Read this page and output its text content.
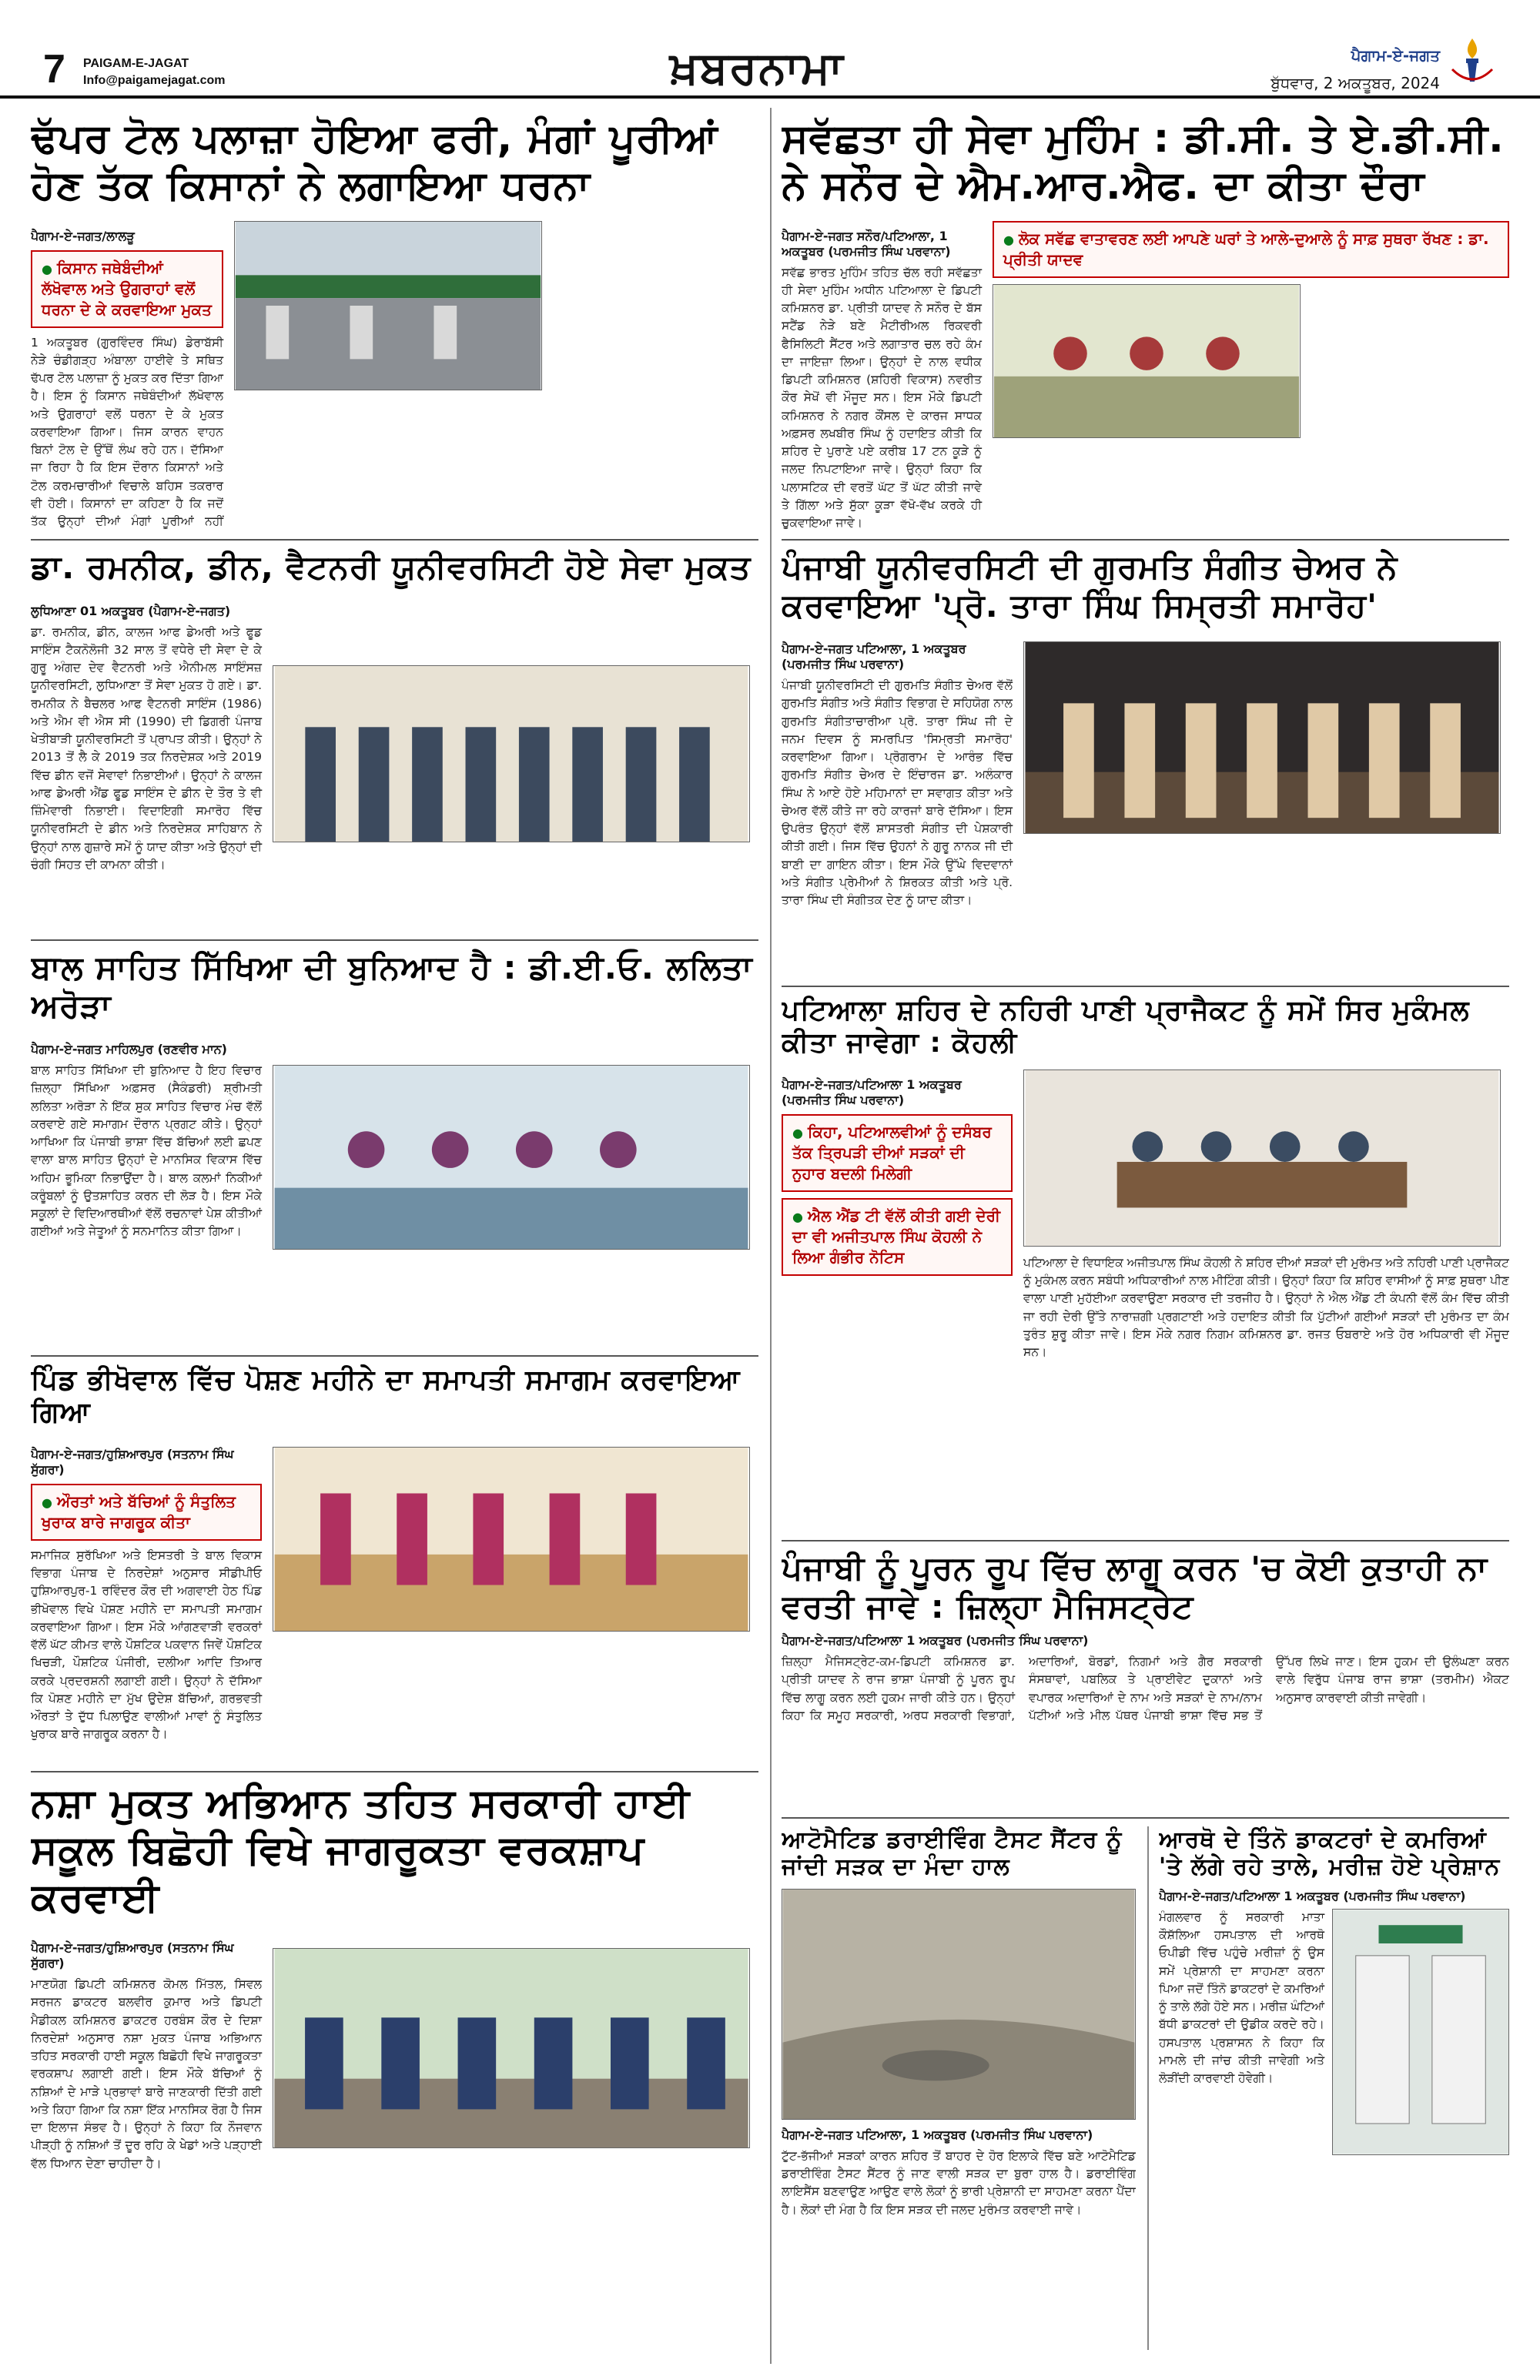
7 PAIGAM-E-JAGAT
Info@paigamejagat.com	ਖ਼ਬਰਨਾਮਾ	ਪੈਗਾਮ-ਏ-ਜਗਤ
ਬੁੱਧਵਾਰ, 2 ਅਕਤੂਬਰ, 2024
ਢੱਪਰ ਟੋਲ ਪਲਾਜ਼ਾ ਹੋਇਆ ਫਰੀ, ਮੰਗਾਂ ਪੂਰੀਆਂ ਹੋਣ ਤੱਕ ਕਿਸਾਨਾਂ ਨੇ ਲਗਾਇਆ ਧਰਨਾ
ਪੈਗਾਮ-ਏ-ਜਗਤ/ਲਾਲੜੂ
● ਕਿਸਾਨ ਜਥੇਬੰਦੀਆਂ ਲੱਖੋਵਾਲ ਅਤੇ ਉਗਰਾਹਾਂ ਵਲੋਂ ਧਰਨਾ ਦੇ ਕੇ ਕਰਵਾਇਆ ਮੁਕਤ
1 ਅਕਤੂਬਰ (ਗੁਰਵਿੰਦਰ ਸਿੰਘ) ਡੇਰਾਬੱਸੀ ਨੇੜੇ ਚੰਡੀਗੜ੍ਹ ਅੰਬਾਲਾ ਹਾਈਵੇ ਤੇ ਸਥਿਤ ਢੱਪਰ ਟੋਲ ਪਲਾਜ਼ਾ ਨੂੰ ਮੁਕਤ ਕਰ ਦਿੱਤਾ ਗਿਆ ਹੈ। ਇਸ ਨੂੰ ਕਿਸਾਨ ਜਥੇਬੰਦੀਆਂ ਲੱਖੋਵਾਲ ਅਤੇ ਉਗਰਾਹਾਂ ਵਲੋਂ ਧਰਨਾ ਦੇ ਕੇ ਮੁਕਤ ਕਰਵਾਇਆ ਗਿਆ। ਜਿਸ ਕਾਰਨ ਵਾਹਨ ਬਿਨਾਂ ਟੋਲ ਦੇ ਉੱਥੋਂ ਲੰਘ ਰਹੇ ਹਨ। ਦੱਸਿਆ ਜਾ ਰਿਹਾ ਹੈ ਕਿ ਇਸ ਦੌਰਾਨ ਕਿਸਾਨਾਂ ਅਤੇ ਟੋਲ ਕਰਮਚਾਰੀਆਂ ਵਿਚਾਲੇ ਬਹਿਸ ਤਕਰਾਰ ਵੀ ਹੋਈ। ਕਿਸਾਨਾਂ ਦਾ ਕਹਿਣਾ ਹੈ ਕਿ ਜਦੋਂ ਤੱਕ ਉਨ੍ਹਾਂ ਦੀਆਂ ਮੰਗਾਂ ਪੂਰੀਆਂ ਨਹੀਂ
ਡਾ. ਰਮਨੀਕ, ਡੀਨ, ਵੈਟਨਰੀ ਯੂਨੀਵਰਸਿਟੀ ਹੋਏ ਸੇਵਾ ਮੁਕਤ
ਲੁਧਿਆਣਾ 01 ਅਕਤੂਬਰ (ਪੈਗਾਮ-ਏ-ਜਗਤ)
ਡਾ. ਰਮਨੀਕ, ਡੀਨ, ਕਾਲਜ ਆਫ ਡੇਅਰੀ ਅਤੇ ਫੂਡ ਸਾਇੰਸ ਟੈਕਨੋਲੋਜੀ 32 ਸਾਲ ਤੋਂ ਵਧੇਰੇ ਦੀ ਸੇਵਾ ਦੇ ਕੇ ਗੁਰੂ ਅੰਗਦ ਦੇਵ ਵੈਟਨਰੀ ਅਤੇ ਐਨੀਮਲ ਸਾਇੰਸਜ਼ ਯੂਨੀਵਰਸਿਟੀ, ਲੁਧਿਆਣਾ ਤੋਂ ਸੇਵਾ ਮੁਕਤ ਹੋ ਗਏ। ਡਾ. ਰਮਨੀਕ ਨੇ ਬੈਚਲਰ ਆਫ ਵੈਟਨਰੀ ਸਾਇੰਸ (1986) ਅਤੇ ਐਮ ਵੀ ਐਸ ਸੀ (1990) ਦੀ ਡਿਗਰੀ ਪੰਜਾਬ ਖੇਤੀਬਾੜੀ ਯੂਨੀਵਰਸਿਟੀ ਤੋਂ ਪ੍ਰਾਪਤ ਕੀਤੀ। ਉਨ੍ਹਾਂ ਨੇ 2013 ਤੋਂ ਲੈ ਕੇ 2019 ਤਕ ਨਿਰਦੇਸ਼ਕ ਅਤੇ 2019 ਵਿੱਚ ਡੀਨ ਵਜੋਂ ਸੇਵਾਵਾਂ ਨਿਭਾਈਆਂ। ਉਨ੍ਹਾਂ ਨੇ ਕਾਲਜ ਆਫ ਡੇਅਰੀ ਐਂਡ ਫੂਡ ਸਾਇੰਸ ਦੇ ਡੀਨ ਦੇ ਤੌਰ ਤੇ ਵੀ ਜ਼ਿੰਮੇਵਾਰੀ ਨਿਭਾਈ। ਵਿਦਾਇਗੀ ਸਮਾਰੋਹ ਵਿੱਚ ਯੂਨੀਵਰਸਿਟੀ ਦੇ ਡੀਨ ਅਤੇ ਨਿਰਦੇਸ਼ਕ ਸਾਹਿਬਾਨ ਨੇ ਉਨ੍ਹਾਂ ਨਾਲ ਗੁਜ਼ਾਰੇ ਸਮੇਂ ਨੂੰ ਯਾਦ ਕੀਤਾ ਅਤੇ ਉਨ੍ਹਾਂ ਦੀ ਚੰਗੀ ਸਿਹਤ ਦੀ ਕਾਮਨਾ ਕੀਤੀ।
ਬਾਲ ਸਾਹਿਤ ਸਿੱਖਿਆ ਦੀ ਬੁਨਿਆਦ ਹੈ : ਡੀ.ਈ.ਓ. ਲਲਿਤਾ ਅਰੋੜਾ
ਪੈਗਾਮ-ਏ-ਜਗਤ ਮਾਹਿਲਪੁਰ (ਰਣਵੀਰ ਮਾਨ)
ਬਾਲ ਸਾਹਿਤ ਸਿੱਖਿਆ ਦੀ ਬੁਨਿਆਦ ਹੈ ਇਹ ਵਿਚਾਰ ਜ਼ਿਲ੍ਹਾ ਸਿੱਖਿਆ ਅਫ਼ਸਰ (ਸੈਕੰਡਰੀ) ਸ਼੍ਰੀਮਤੀ ਲਲਿਤਾ ਅਰੋੜਾ ਨੇ ਇੱਕ ਸੁਕ ਸਾਹਿਤ ਵਿਚਾਰ ਮੰਚ ਵੱਲੋਂ ਕਰਵਾਏ ਗਏ ਸਮਾਗਮ ਦੌਰਾਨ ਪ੍ਰਗਟ ਕੀਤੇ। ਉਨ੍ਹਾਂ ਆਖਿਆ ਕਿ ਪੰਜਾਬੀ ਭਾਸ਼ਾ ਵਿੱਚ ਬੱਚਿਆਂ ਲਈ ਛਪਣ ਵਾਲਾ ਬਾਲ ਸਾਹਿਤ ਉਨ੍ਹਾਂ ਦੇ ਮਾਨਸਿਕ ਵਿਕਾਸ ਵਿੱਚ ਅਹਿਮ ਭੂਮਿਕਾ ਨਿਭਾਉਂਦਾ ਹੈ। ਬਾਲ ਕਲਮਾਂ ਨਿਕੀਆਂ ਕਰੂੰਬਲਾਂ ਨੂੰ ਉਤਸ਼ਾਹਿਤ ਕਰਨ ਦੀ ਲੋੜ ਹੈ। ਇਸ ਮੌਕੇ ਸਕੂਲਾਂ ਦੇ ਵਿਦਿਆਰਥੀਆਂ ਵੱਲੋਂ ਰਚਨਾਵਾਂ ਪੇਸ਼ ਕੀਤੀਆਂ ਗਈਆਂ ਅਤੇ ਜੇਤੂਆਂ ਨੂੰ ਸਨਮਾਨਿਤ ਕੀਤਾ ਗਿਆ।
ਪਿੰਡ ਭੀਖੋਵਾਲ ਵਿੱਚ ਪੋਸ਼ਣ ਮਹੀਨੇ ਦਾ ਸਮਾਪਤੀ ਸਮਾਗਮ ਕਰਵਾਇਆ ਗਿਆ
ਪੈਗਾਮ-ਏ-ਜਗਤ/ਹੁਸ਼ਿਆਰਪੁਰ (ਸਤਨਾਮ ਸਿੰਘ ਸੁੱਗਰਾ)
● ਔਰਤਾਂ ਅਤੇ ਬੱਚਿਆਂ ਨੂੰ ਸੰਤੁਲਿਤ ਖੁਰਾਕ ਬਾਰੇ ਜਾਗਰੂਕ ਕੀਤਾ
ਸਮਾਜਿਕ ਸੁਰੱਖਿਆ ਅਤੇ ਇਸਤਰੀ ਤੇ ਬਾਲ ਵਿਕਾਸ ਵਿਭਾਗ ਪੰਜਾਬ ਦੇ ਨਿਰਦੇਸ਼ਾਂ ਅਨੁਸਾਰ ਸੀਡੀਪੀਓ ਹੁਸ਼ਿਆਰਪੁਰ-1 ਰਵਿੰਦਰ ਕੌਰ ਦੀ ਅਗਵਾਈ ਹੇਠ ਪਿੰਡ ਭੀਖੋਵਾਲ ਵਿਖੇ ਪੋਸ਼ਣ ਮਹੀਨੇ ਦਾ ਸਮਾਪਤੀ ਸਮਾਗਮ ਕਰਵਾਇਆ ਗਿਆ। ਇਸ ਮੌਕੇ ਆਂਗਣਵਾੜੀ ਵਰਕਰਾਂ ਵੱਲੋਂ ਘੱਟ ਕੀਮਤ ਵਾਲੇ ਪੌਸ਼ਟਿਕ ਪਕਵਾਨ ਜਿਵੇਂ ਪੌਸ਼ਟਿਕ ਖਿਚੜੀ, ਪੌਸ਼ਟਿਕ ਪੰਜੀਰੀ, ਦਲੀਆ ਆਦਿ ਤਿਆਰ ਕਰਕੇ ਪ੍ਰਦਰਸ਼ਨੀ ਲਗਾਈ ਗਈ। ਉਨ੍ਹਾਂ ਨੇ ਦੱਸਿਆ ਕਿ ਪੋਸ਼ਣ ਮਹੀਨੇ ਦਾ ਮੁੱਖ ਉਦੇਸ਼ ਬੱਚਿਆਂ, ਗਰਭਵਤੀ ਔਰਤਾਂ ਤੇ ਦੁੱਧ ਪਿਲਾਉਣ ਵਾਲੀਆਂ ਮਾਵਾਂ ਨੂੰ ਸੰਤੁਲਿਤ ਖੁਰਾਕ ਬਾਰੇ ਜਾਗਰੂਕ ਕਰਨਾ ਹੈ।
ਨਸ਼ਾ ਮੁਕਤ ਅਭਿਆਨ ਤਹਿਤ ਸਰਕਾਰੀ ਹਾਈ ਸਕੂਲ ਬਿਛੋਹੀ ਵਿਖੇ ਜਾਗਰੂਕਤਾ ਵਰਕਸ਼ਾਪ ਕਰਵਾਈ
ਪੈਗਾਮ-ਏ-ਜਗਤ/ਹੁਸ਼ਿਆਰਪੁਰ (ਸਤਨਾਮ ਸਿੰਘ ਸੁੱਗਰਾ)
ਮਾਣਯੋਗ ਡਿਪਟੀ ਕਮਿਸ਼ਨਰ ਕੋਮਲ ਮਿੱਤਲ, ਸਿਵਲ ਸਰਜਨ ਡਾਕਟਰ ਬਲਵੀਰ ਕੁਮਾਰ ਅਤੇ ਡਿਪਟੀ ਮੈਡੀਕਲ ਕਮਿਸ਼ਨਰ ਡਾਕਟਰ ਹਰਬੰਸ ਕੌਰ ਦੇ ਦਿਸ਼ਾ ਨਿਰਦੇਸ਼ਾਂ ਅਨੁਸਾਰ ਨਸ਼ਾ ਮੁਕਤ ਪੰਜਾਬ ਅਭਿਆਨ ਤਹਿਤ ਸਰਕਾਰੀ ਹਾਈ ਸਕੂਲ ਬਿਛੋਹੀ ਵਿਖੇ ਜਾਗਰੂਕਤਾ ਵਰਕਸ਼ਾਪ ਲਗਾਈ ਗਈ। ਇਸ ਮੌਕੇ ਬੱਚਿਆਂ ਨੂੰ ਨਸ਼ਿਆਂ ਦੇ ਮਾੜੇ ਪ੍ਰਭਾਵਾਂ ਬਾਰੇ ਜਾਣਕਾਰੀ ਦਿੱਤੀ ਗਈ ਅਤੇ ਕਿਹਾ ਗਿਆ ਕਿ ਨਸ਼ਾ ਇੱਕ ਮਾਨਸਿਕ ਰੋਗ ਹੈ ਜਿਸ ਦਾ ਇਲਾਜ ਸੰਭਵ ਹੈ। ਉਨ੍ਹਾਂ ਨੇ ਕਿਹਾ ਕਿ ਨੌਜਵਾਨ ਪੀੜ੍ਹੀ ਨੂੰ ਨਸ਼ਿਆਂ ਤੋਂ ਦੂਰ ਰਹਿ ਕੇ ਖੇਡਾਂ ਅਤੇ ਪੜ੍ਹਾਈ ਵੱਲ ਧਿਆਨ ਦੇਣਾ ਚਾਹੀਦਾ ਹੈ।
ਸਵੱਛਤਾ ਹੀ ਸੇਵਾ ਮੁਹਿੰਮ : ਡੀ.ਸੀ. ਤੇ ਏ.ਡੀ.ਸੀ. ਨੇ ਸਨੌਰ ਦੇ ਐਮ.ਆਰ.ਐਫ. ਦਾ ਕੀਤਾ ਦੌਰਾ
ਪੈਗਾਮ-ਏ-ਜਗਤ ਸਨੌਰ/ਪਟਿਆਲਾ, 1 ਅਕਤੂਬਰ (ਪਰਮਜੀਤ ਸਿੰਘ ਪਰਵਾਨਾ)
ਸਵੱਛ ਭਾਰਤ ਮੁਹਿੰਮ ਤਹਿਤ ਚੱਲ ਰਹੀ ਸਵੱਛਤਾ ਹੀ ਸੇਵਾ ਮੁਹਿੰਮ ਅਧੀਨ ਪਟਿਆਲਾ ਦੇ ਡਿਪਟੀ ਕਮਿਸ਼ਨਰ ਡਾ. ਪ੍ਰੀਤੀ ਯਾਦਵ ਨੇ ਸਨੌਰ ਦੇ ਬੱਸ ਸਟੈਂਡ ਨੇੜੇ ਬਣੇ ਮੈਟੀਰੀਅਲ ਰਿਕਵਰੀ ਫੈਸਿਲਿਟੀ ਸੈਂਟਰ ਅਤੇ ਲਗਾਤਾਰ ਚਲ ਰਹੇ ਕੰਮ ਦਾ ਜਾਇਜ਼ਾ ਲਿਆ। ਉਨ੍ਹਾਂ ਦੇ ਨਾਲ ਵਧੀਕ ਡਿਪਟੀ ਕਮਿਸ਼ਨਰ (ਸ਼ਹਿਰੀ ਵਿਕਾਸ) ਨਵਰੀਤ ਕੌਰ ਸੇਖੋਂ ਵੀ ਮੌਜੂਦ ਸਨ। ਇਸ ਮੌਕੇ ਡਿਪਟੀ ਕਮਿਸ਼ਨਰ ਨੇ ਨਗਰ ਕੌਂਸਲ ਦੇ ਕਾਰਜ ਸਾਧਕ ਅਫ਼ਸਰ ਲਖਬੀਰ ਸਿੰਘ ਨੂੰ ਹਦਾਇਤ ਕੀਤੀ ਕਿ ਸ਼ਹਿਰ ਦੇ ਪੁਰਾਣੇ ਪਏ ਕਰੀਬ 17 ਟਨ ਕੂੜੇ ਨੂੰ ਜਲਦ ਨਿਪਟਾਇਆ ਜਾਵੇ। ਉਨ੍ਹਾਂ ਕਿਹਾ ਕਿ ਪਲਾਸਟਿਕ ਦੀ ਵਰਤੋਂ ਘੱਟ ਤੋਂ ਘੱਟ ਕੀਤੀ ਜਾਵੇ ਤੇ ਗਿੱਲਾ ਅਤੇ ਸੁੱਕਾ ਕੂੜਾ ਵੱਖੋ-ਵੱਖ ਕਰਕੇ ਹੀ ਚੁਕਵਾਇਆ ਜਾਵੇ।
● ਲੋਕ ਸਵੱਛ ਵਾਤਾਵਰਣ ਲਈ ਆਪਣੇ ਘਰਾਂ ਤੇ ਆਲੇ-ਦੁਆਲੇ ਨੂੰ ਸਾਫ਼ ਸੁਥਰਾ ਰੱਖਣ : ਡਾ. ਪ੍ਰੀਤੀ ਯਾਦਵ
ਪੰਜਾਬੀ ਯੂਨੀਵਰਸਿਟੀ ਦੀ ਗੁਰਮਤਿ ਸੰਗੀਤ ਚੇਅਰ ਨੇ ਕਰਵਾਇਆ 'ਪ੍ਰੋ. ਤਾਰਾ ਸਿੰਘ ਸਿਮ੍ਰਤੀ ਸਮਾਰੋਹ'
ਪੈਗਾਮ-ਏ-ਜਗਤ ਪਟਿਆਲਾ, 1 ਅਕਤੂਬਰ (ਪਰਮਜੀਤ ਸਿੰਘ ਪਰਵਾਨਾ)
ਪੰਜਾਬੀ ਯੂਨੀਵਰਸਿਟੀ ਦੀ ਗੁਰਮਤਿ ਸੰਗੀਤ ਚੇਅਰ ਵੱਲੋਂ ਗੁਰਮਤਿ ਸੰਗੀਤ ਅਤੇ ਸੰਗੀਤ ਵਿਭਾਗ ਦੇ ਸਹਿਯੋਗ ਨਾਲ ਗੁਰਮਤਿ ਸੰਗੀਤਾਚਾਰੀਆ ਪ੍ਰੋ. ਤਾਰਾ ਸਿੰਘ ਜੀ ਦੇ ਜਨਮ ਦਿਵਸ ਨੂੰ ਸਮਰਪਿਤ 'ਸਿਮ੍ਰਤੀ ਸਮਾਰੋਹ' ਕਰਵਾਇਆ ਗਿਆ। ਪ੍ਰੋਗਰਾਮ ਦੇ ਆਰੰਭ ਵਿੱਚ ਗੁਰਮਤਿ ਸੰਗੀਤ ਚੇਅਰ ਦੇ ਇੰਚਾਰਜ ਡਾ. ਅਲੰਕਾਰ ਸਿੰਘ ਨੇ ਆਏ ਹੋਏ ਮਹਿਮਾਨਾਂ ਦਾ ਸਵਾਗਤ ਕੀਤਾ ਅਤੇ ਚੇਅਰ ਵੱਲੋਂ ਕੀਤੇ ਜਾ ਰਹੇ ਕਾਰਜਾਂ ਬਾਰੇ ਦੱਸਿਆ। ਇਸ ਉਪਰੰਤ ਉਨ੍ਹਾਂ ਵੱਲੋਂ ਸ਼ਾਸਤਰੀ ਸੰਗੀਤ ਦੀ ਪੇਸ਼ਕਾਰੀ ਕੀਤੀ ਗਈ। ਜਿਸ ਵਿੱਚ ਉਹਨਾਂ ਨੇ ਗੁਰੂ ਨਾਨਕ ਜੀ ਦੀ ਬਾਣੀ ਦਾ ਗਾਇਨ ਕੀਤਾ। ਇਸ ਮੌਕੇ ਉੱਘੇ ਵਿਦਵਾਨਾਂ ਅਤੇ ਸੰਗੀਤ ਪ੍ਰੇਮੀਆਂ ਨੇ ਸ਼ਿਰਕਤ ਕੀਤੀ ਅਤੇ ਪ੍ਰੋ. ਤਾਰਾ ਸਿੰਘ ਦੀ ਸੰਗੀਤਕ ਦੇਣ ਨੂੰ ਯਾਦ ਕੀਤਾ।
ਪਟਿਆਲਾ ਸ਼ਹਿਰ ਦੇ ਨਹਿਰੀ ਪਾਣੀ ਪ੍ਰਾਜੈਕਟ ਨੂੰ ਸਮੇਂ ਸਿਰ ਮੁਕੰਮਲ ਕੀਤਾ ਜਾਵੇਗਾ : ਕੋਹਲੀ
ਪੈਗਾਮ-ਏ-ਜਗਤ/ਪਟਿਆਲਾ 1 ਅਕਤੂਬਰ (ਪਰਮਜੀਤ ਸਿੰਘ ਪਰਵਾਨਾ)
● ਕਿਹਾ, ਪਟਿਆਲਵੀਆਂ ਨੂੰ ਦਸੰਬਰ ਤੱਕ ਤ੍ਰਿਪੜੀ ਦੀਆਂ ਸੜਕਾਂ ਦੀ ਨੁਹਾਰ ਬਦਲੀ ਮਿਲੇਗੀ
● ਐਲ ਐਂਡ ਟੀ ਵੱਲੋਂ ਕੀਤੀ ਗਈ ਦੇਰੀ ਦਾ ਵੀ ਅਜੀਤਪਾਲ ਸਿੰਘ ਕੋਹਲੀ ਨੇ ਲਿਆ ਗੰਭੀਰ ਨੋਟਿਸ	ਪਟਿਆਲਾ ਦੇ ਵਿਧਾਇਕ ਅਜੀਤਪਾਲ ਸਿੰਘ ਕੋਹਲੀ ਨੇ ਸ਼ਹਿਰ ਦੀਆਂ ਸੜਕਾਂ ਦੀ ਮੁਰੰਮਤ ਅਤੇ ਨਹਿਰੀ ਪਾਣੀ ਪ੍ਰਾਜੈਕਟ ਨੂੰ ਮੁਕੰਮਲ ਕਰਨ ਸਬੰਧੀ ਅਧਿਕਾਰੀਆਂ ਨਾਲ ਮੀਟਿੰਗ ਕੀਤੀ। ਉਨ੍ਹਾਂ ਕਿਹਾ ਕਿ ਸ਼ਹਿਰ ਵਾਸੀਆਂ ਨੂੰ ਸਾਫ਼ ਸੁਥਰਾ ਪੀਣ ਵਾਲਾ ਪਾਣੀ ਮੁਹੱਈਆ ਕਰਵਾਉਣਾ ਸਰਕਾਰ ਦੀ ਤਰਜੀਹ ਹੈ। ਉਨ੍ਹਾਂ ਨੇ ਐਲ ਐਂਡ ਟੀ ਕੰਪਨੀ ਵੱਲੋਂ ਕੰਮ ਵਿੱਚ ਕੀਤੀ ਜਾ ਰਹੀ ਦੇਰੀ ਉੱਤੇ ਨਾਰਾਜ਼ਗੀ ਪ੍ਰਗਟਾਈ ਅਤੇ ਹਦਾਇਤ ਕੀਤੀ ਕਿ ਪੁੱਟੀਆਂ ਗਈਆਂ ਸੜਕਾਂ ਦੀ ਮੁਰੰਮਤ ਦਾ ਕੰਮ ਤੁਰੰਤ ਸ਼ੁਰੂ ਕੀਤਾ ਜਾਵੇ। ਇਸ ਮੌਕੇ ਨਗਰ ਨਿਗਮ ਕਮਿਸ਼ਨਰ ਡਾ. ਰਜਤ ਓਬਰਾਏ ਅਤੇ ਹੋਰ ਅਧਿਕਾਰੀ ਵੀ ਮੌਜੂਦ ਸਨ।
ਪੰਜਾਬੀ ਨੂੰ ਪੂਰਨ ਰੂਪ ਵਿੱਚ ਲਾਗੂ ਕਰਨ 'ਚ ਕੋਈ ਕੁਤਾਹੀ ਨਾ ਵਰਤੀ ਜਾਵੇ : ਜ਼ਿਲ੍ਹਾ ਮੈਜਿਸਟ੍ਰੇਟ
ਪੈਗਾਮ-ਏ-ਜਗਤ/ਪਟਿਆਲਾ 1 ਅਕਤੂਬਰ (ਪਰਮਜੀਤ ਸਿੰਘ ਪਰਵਾਨਾ)
ਜ਼ਿਲ੍ਹਾ ਮੈਜਿਸਟ੍ਰੇਟ-ਕਮ-ਡਿਪਟੀ ਕਮਿਸ਼ਨਰ ਡਾ. ਪ੍ਰੀਤੀ ਯਾਦਵ ਨੇ ਰਾਜ ਭਾਸ਼ਾ ਪੰਜਾਬੀ ਨੂੰ ਪੂਰਨ ਰੂਪ ਵਿੱਚ ਲਾਗੂ ਕਰਨ ਲਈ ਹੁਕਮ ਜਾਰੀ ਕੀਤੇ ਹਨ। ਉਨ੍ਹਾਂ ਕਿਹਾ ਕਿ ਸਮੂਹ ਸਰਕਾਰੀ, ਅਰਧ ਸਰਕਾਰੀ ਵਿਭਾਗਾਂ, ਅਦਾਰਿਆਂ, ਬੋਰਡਾਂ, ਨਿਗਮਾਂ ਅਤੇ ਗੈਰ ਸਰਕਾਰੀ ਸੰਸਥਾਵਾਂ, ਪਬਲਿਕ ਤੇ ਪ੍ਰਾਈਵੇਟ ਦੁਕਾਨਾਂ ਅਤੇ ਵਪਾਰਕ ਅਦਾਰਿਆਂ ਦੇ ਨਾਮ ਅਤੇ ਸੜਕਾਂ ਦੇ ਨਾਮ/ਨਾਮ ਪੱਟੀਆਂ ਅਤੇ ਮੀਲ ਪੱਥਰ ਪੰਜਾਬੀ ਭਾਸ਼ਾ ਵਿੱਚ ਸਭ ਤੋਂ ਉੱਪਰ ਲਿਖੇ ਜਾਣ। ਇਸ ਹੁਕਮ ਦੀ ਉਲੰਘਣਾ ਕਰਨ ਵਾਲੇ ਵਿਰੁੱਧ ਪੰਜਾਬ ਰਾਜ ਭਾਸ਼ਾ (ਤਰਮੀਮ) ਐਕਟ ਅਨੁਸਾਰ ਕਾਰਵਾਈ ਕੀਤੀ ਜਾਵੇਗੀ।
ਆਟੋਮੈਟਿਡ ਡਰਾਈਵਿੰਗ ਟੈਸਟ ਸੈਂਟਰ ਨੂੰ ਜਾਂਦੀ ਸੜਕ ਦਾ ਮੰਦਾ ਹਾਲ
ਪੈਗਾਮ-ਏ-ਜਗਤ ਪਟਿਆਲਾ, 1 ਅਕਤੂਬਰ (ਪਰਮਜੀਤ ਸਿੰਘ ਪਰਵਾਨਾ)
ਟੁੱਟ-ਭੱਜੀਆਂ ਸੜਕਾਂ ਕਾਰਨ ਸ਼ਹਿਰ ਤੋਂ ਬਾਹਰ ਦੇ ਹੋਰ ਇਲਾਕੇ ਵਿੱਚ ਬਣੇ ਆਟੋਮੈਟਿਡ ਡਰਾਈਵਿੰਗ ਟੈਸਟ ਸੈਂਟਰ ਨੂੰ ਜਾਣ ਵਾਲੀ ਸੜਕ ਦਾ ਬੁਰਾ ਹਾਲ ਹੈ। ਡਰਾਈਵਿੰਗ ਲਾਇਸੈਂਸ ਬਣਵਾਉਣ ਆਉਣ ਵਾਲੇ ਲੋਕਾਂ ਨੂੰ ਭਾਰੀ ਪ੍ਰੇਸ਼ਾਨੀ ਦਾ ਸਾਹਮਣਾ ਕਰਨਾ ਪੈਂਦਾ ਹੈ। ਲੋਕਾਂ ਦੀ ਮੰਗ ਹੈ ਕਿ ਇਸ ਸੜਕ ਦੀ ਜਲਦ ਮੁਰੰਮਤ ਕਰਵਾਈ ਜਾਵੇ।
ਆਰਥੋ ਦੇ ਤਿੰਨੋ ਡਾਕਟਰਾਂ ਦੇ ਕਮਰਿਆਂ 'ਤੇ ਲੱਗੇ ਰਹੇ ਤਾਲੇ, ਮਰੀਜ਼ ਹੋਏ ਪ੍ਰੇਸ਼ਾਨ
ਪੈਗਾਮ-ਏ-ਜਗਤ/ਪਟਿਆਲਾ 1 ਅਕਤੂਬਰ (ਪਰਮਜੀਤ ਸਿੰਘ ਪਰਵਾਨਾ)
ਮੰਗਲਵਾਰ ਨੂੰ ਸਰਕਾਰੀ ਮਾਤਾ ਕੌਸ਼ੱਲਿਆ ਹਸਪਤਾਲ ਦੀ ਆਰਥੋ ਓਪੀਡੀ ਵਿੱਚ ਪਹੁੰਚੇ ਮਰੀਜ਼ਾਂ ਨੂੰ ਉਸ ਸਮੇਂ ਪ੍ਰੇਸ਼ਾਨੀ ਦਾ ਸਾਹਮਣਾ ਕਰਨਾ ਪਿਆ ਜਦੋਂ ਤਿੰਨੋ ਡਾਕਟਰਾਂ ਦੇ ਕਮਰਿਆਂ ਨੂੰ ਤਾਲੇ ਲੱਗੇ ਹੋਏ ਸਨ। ਮਰੀਜ਼ ਘੰਟਿਆਂ ਬੱਧੀ ਡਾਕਟਰਾਂ ਦੀ ਉਡੀਕ ਕਰਦੇ ਰਹੇ। ਹਸਪਤਾਲ ਪ੍ਰਸ਼ਾਸਨ ਨੇ ਕਿਹਾ ਕਿ ਮਾਮਲੇ ਦੀ ਜਾਂਚ ਕੀਤੀ ਜਾਵੇਗੀ ਅਤੇ ਲੋੜੀਂਦੀ ਕਾਰਵਾਈ ਹੋਵੇਗੀ।
